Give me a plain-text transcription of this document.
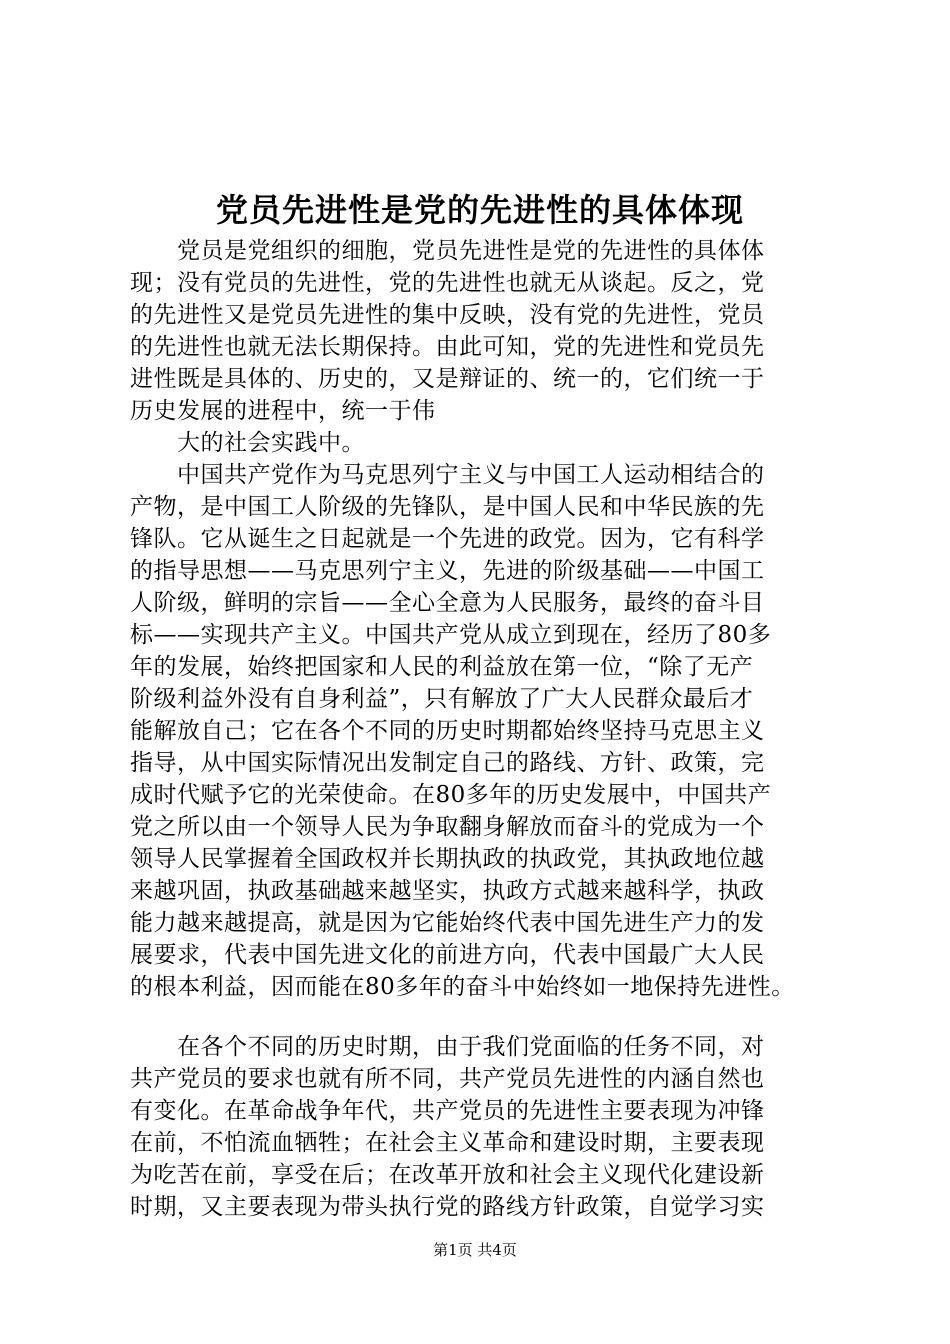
党员先进性是党的先进性的具体体现
党员是党组织的细胞，党员先进性是党的先进性的具体体
现；没有党员的先进性，党的先进性也就无从谈起。反之，党
的先进性又是党员先进性的集中反映，没有党的先进性，党员
的先进性也就无法长期保持。由此可知，党的先进性和党员先
进性既是具体的、历史的，又是辩证的、统一的，它们统一于
历史发展的进程中，统一于伟
大的社会实践中。
中国共产党作为马克思列宁主义与中国工人运动相结合的
产物，是中国工人阶级的先锋队，是中国人民和中华民族的先
锋队。它从诞生之日起就是一个先进的政党。因为，它有科学
的指导思想——马克思列宁主义，先进的阶级基础——中国工
人阶级，鲜明的宗旨——全心全意为人民服务，最终的奋斗目
标——实现共产主义。中国共产党从成立到现在，经历了80多
年的发展，始终把国家和人民的利益放在第一位，“除了无产
阶级利益外没有自身利益”，只有解放了广大人民群众最后才
能解放自己；它在各个不同的历史时期都始终坚持马克思主义
指导，从中国实际情况出发制定自己的路线、方针、政策，完
成时代赋予它的光荣使命。在80多年的历史发展中，中国共产
党之所以由一个领导人民为争取翻身解放而奋斗的党成为一个
领导人民掌握着全国政权并长期执政的执政党，其执政地位越
来越巩固，执政基础越来越坚实，执政方式越来越科学，执政
能力越来越提高，就是因为它能始终代表中国先进生产力的发
展要求，代表中国先进文化的前进方向，代表中国最广大人民
的根本利益，因而能在80多年的奋斗中始终如一地保持先进性。
在各个不同的历史时期，由于我们党面临的任务不同，对
共产党员的要求也就有所不同，共产党员先进性的内涵自然也
有变化。在革命战争年代，共产党员的先进性主要表现为冲锋
在前，不怕流血牺牲；在社会主义革命和建设时期，主要表现
为吃苦在前，享受在后；在改革开放和社会主义现代化建设新
时期，又主要表现为带头执行党的路线方针政策，自觉学习实
第1页 共4页
